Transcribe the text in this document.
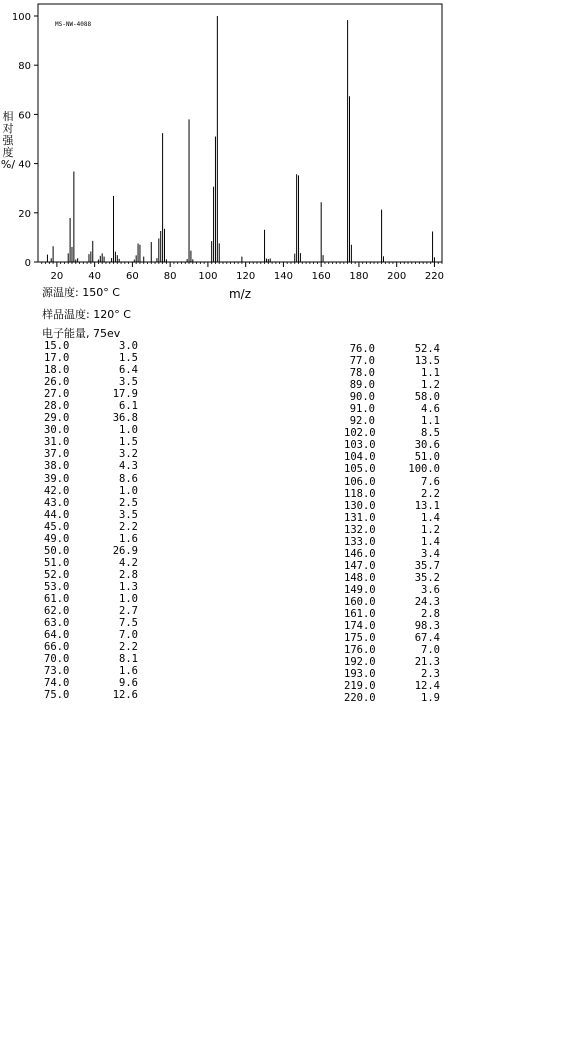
MS-NW-4088
0
20
40
60
80
100
20	40	60	80 100 120 140 160 180 200 220
相
对
强
度
%/
m/z
源温度: 150° C
样品温度: 120° C
电子能量, 75ev
15.0	3.0
17.0	1.5
18.0	6.4
26.0	3.5
27.0	17.9
28.0	6.1
29.0	36.8
30.0	1.0
31.0	1.5
37.0	3.2
38.0	4.3
39.0	8.6
42.0	1.0
43.0	2.5
44.0	3.5
45.0	2.2
49.0	1.6
50.0	26.9
51.0	4.2
52.0	2.8
53.0	1.3
61.0	1.0
62.0	2.7
63.0	7.5
64.0	7.0
66.0	2.2
70.0	8.1
73.0	1.6
74.0	9.6
75.0	12.6
76.0	52.4
77.0	13.5
78.0	1.1
89.0	1.2
90.0	58.0
91.0	4.6
92.0	1.1
102.0	8.5
103.0	30.6
104.0	51.0
105.0	100.0
106.0	7.6
118.0	2.2
130.0	13.1
131.0	1.4
132.0	1.2
133.0	1.4
146.0	3.4
147.0	35.7
148.0	35.2
149.0	3.6
160.0	24.3
161.0	2.8
174.0	98.3
175.0	67.4
176.0	7.0
192.0	21.3
193.0	2.3
219.0	12.4
220.0	1.9
